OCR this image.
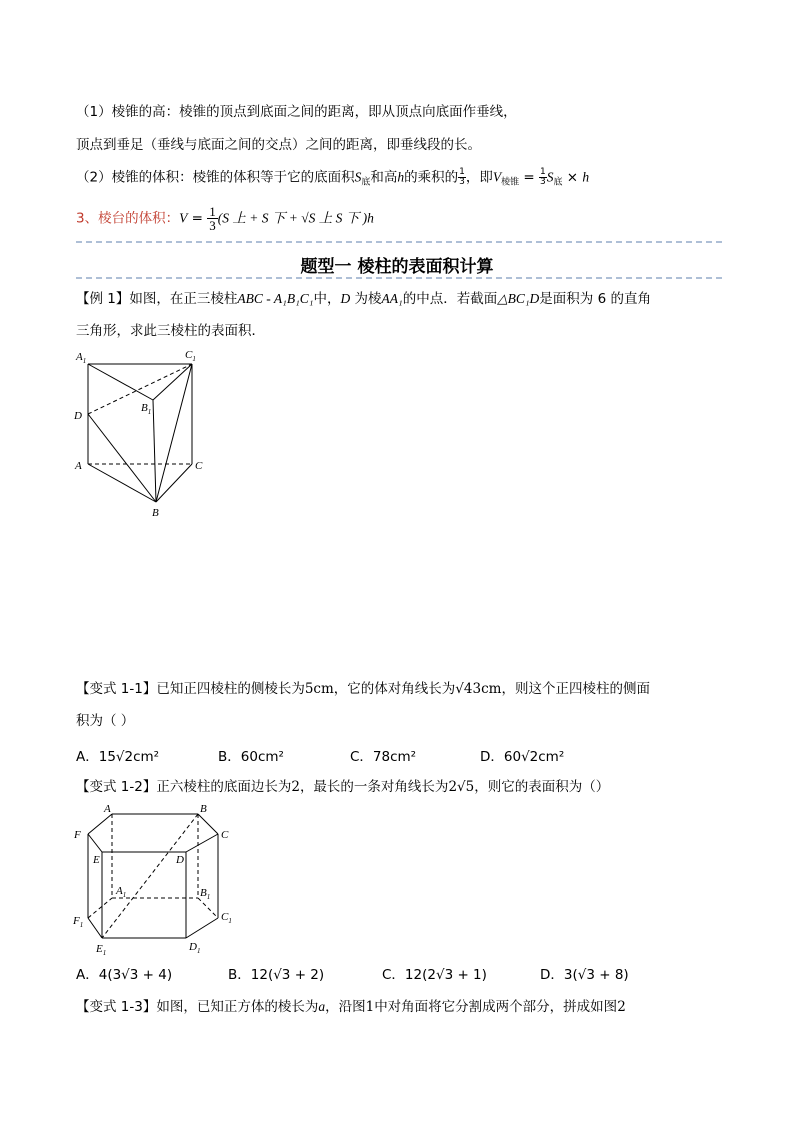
（1）棱锥的高：棱锥的顶点到底面之间的距离，即从顶点向底面作垂线，
顶点到垂足（垂线与底面之间的交点）之间的距离，即垂线段的长。
（2）棱锥的体积：棱锥的体积等于它的底面积$S_底$和高h的乘积的 $\frac{1}{3}$ ，即$V_{棱锥} = \frac{1}{3} S_底 \times h$
3、棱台的体积：$V = \frac{1}{3}(S$ 上 + S 下 + √S 上 S 下 )h
题型一 棱柱的表面积计算
【例 1】如图，在正三棱柱ABC - A₁B₁C₁中，D 为棱AA₁的中点．若截面△BC₁D是面积为 6 的直角
三角形，求此三棱柱的表面积．
$A_1$	$C_1$
$B_1$
D
A	C
B
【变式 1-1】已知正四棱柱的侧棱长为5cm，它的体对角线长为√43cm，则这个正四棱柱的侧面
积为（ ）
A．15√2cm²	B．60cm²	C．78cm²	D．60√2cm²
【变式 1-2】正六棱柱的底面边长为2，最长的一条对角线长为2√5，则它的表面积为（）
A	B
C
D
E
F
$A_1$	$B_1$
$C_1$
$D_1$
$E_1$
$F_1$
A．4(3√3 + 4)	B．12(√3 + 2)	C．12(2√3 + 1)	D．3(√3 + 8)
【变式 1-3】如图，已知正方体的棱长为a，沿图1中对角面将它分割成两个部分，拼成如图2
